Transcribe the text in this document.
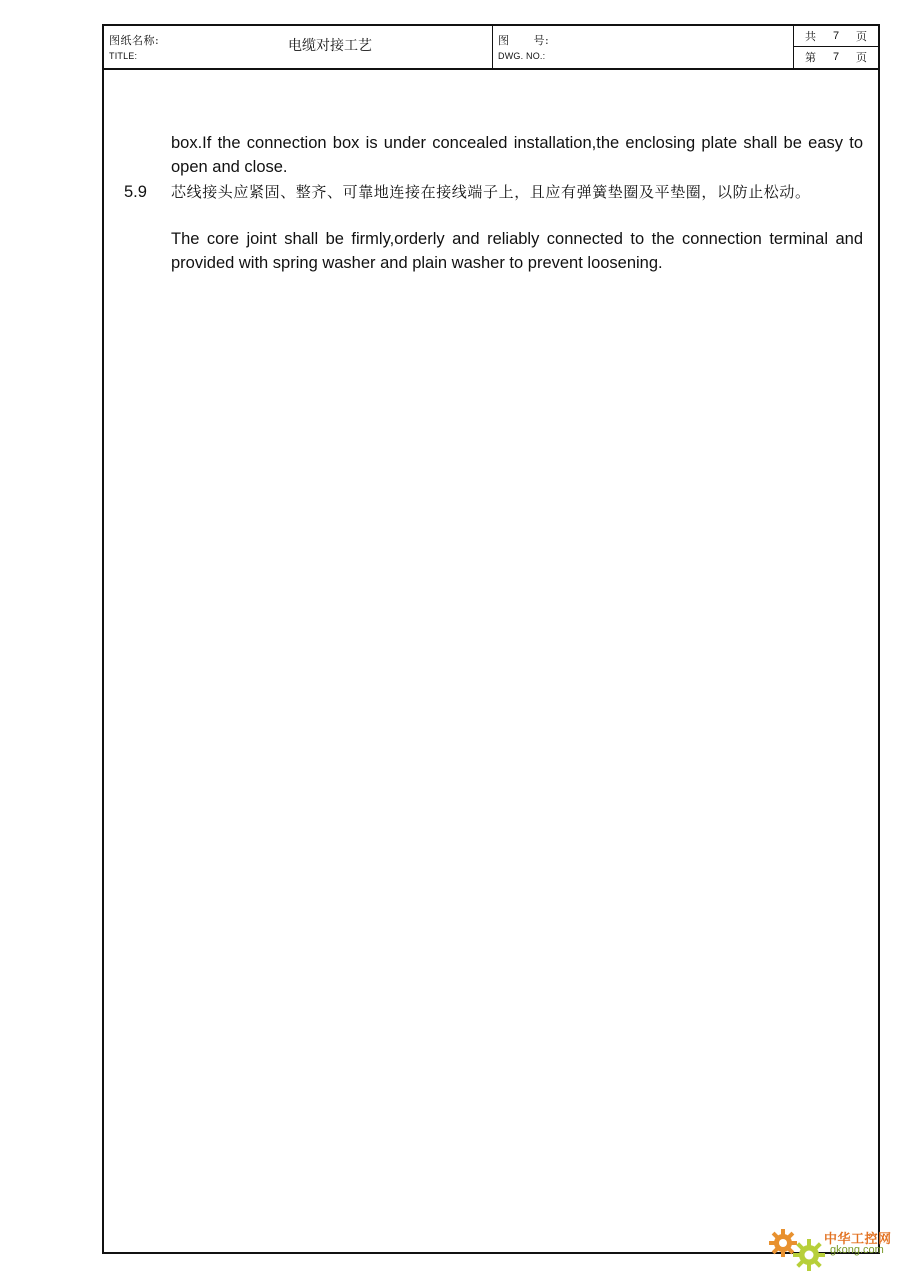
图纸名称:
TITLE:
电缆对接工艺	图      号:
DWG. NO.:
共 7 页
第 7 页

box.If the connection box is under concealed installation,the enclosing plate shall be easy to open and close.

5.9 芯线接头应紧固、整齐、可靠地连接在接线端子上，且应有弹簧垫圈及平垫圈，以防止松动。

The core joint shall be firmly,orderly and reliably connected to the connection terminal and provided with spring washer and plain washer to prevent loosening.

中华工控网
gkong.com
